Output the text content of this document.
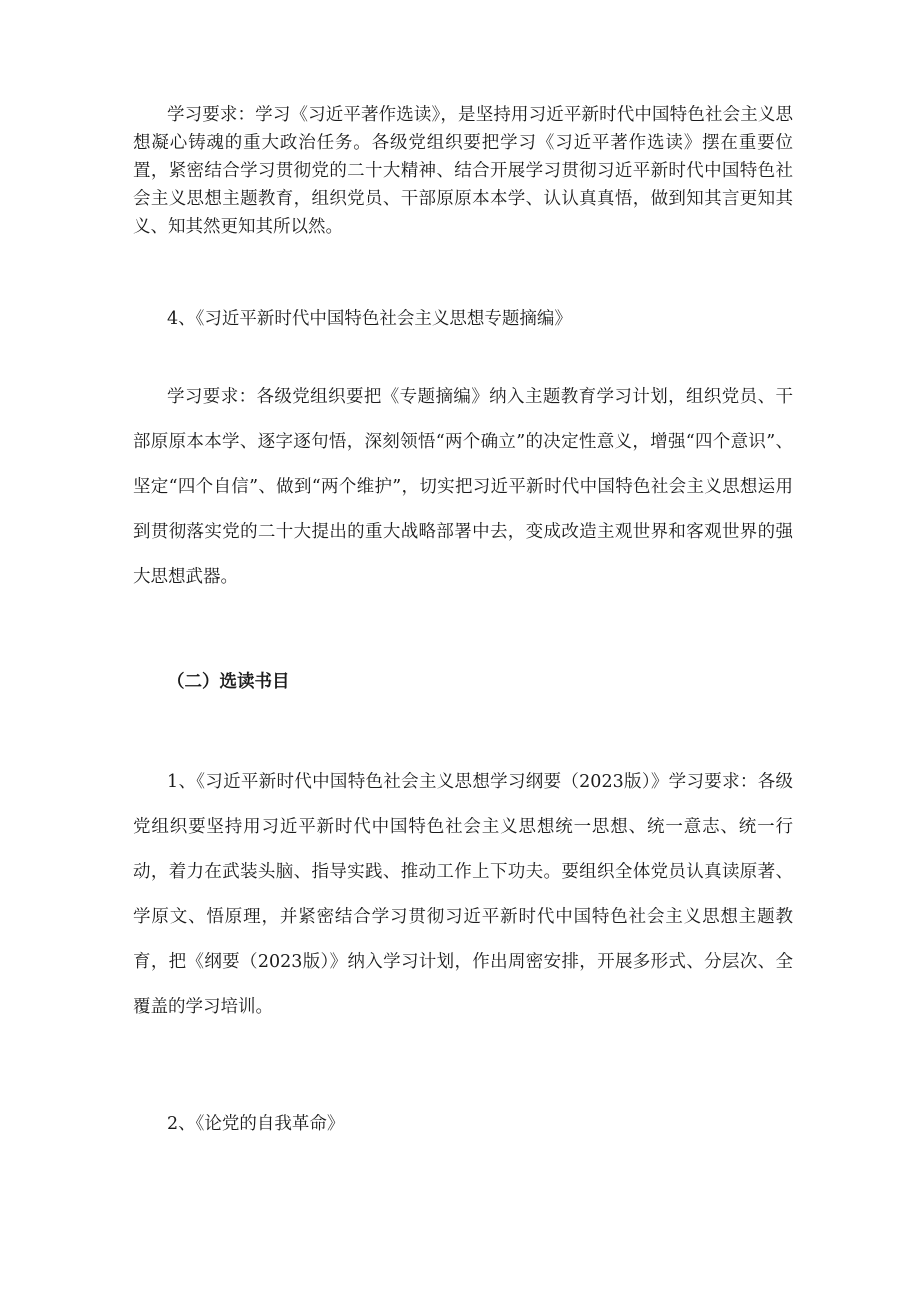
学习要求：学习《习近平著作选读》，是坚持用习近平新时代中国特色社会主义思想凝心铸魂的重大政治任务。各级党组织要把学习《习近平著作选读》摆在重要位置，紧密结合学习贯彻党的二十大精神、结合开展学习贯彻习近平新时代中国特色社会主义思想主题教育，组织党员、干部原原本本学、认认真真悟，做到知其言更知其义、知其然更知其所以然。

4、《习近平新时代中国特色社会主义思想专题摘编》

学习要求：各级党组织要把《专题摘编》纳入主题教育学习计划，组织党员、干部原原本本学、逐字逐句悟，深刻领悟“两个确立”的决定性意义，增强“四个意识”、坚定“四个自信”、做到“两个维护”，切实把习近平新时代中国特色社会主义思想运用到贯彻落实党的二十大提出的重大战略部署中去，变成改造主观世界和客观世界的强大思想武器。

（二）选读书目

1、《习近平新时代中国特色社会主义思想学习纲要（2023版）》学习要求：各级党组织要坚持用习近平新时代中国特色社会主义思想统一思想、统一意志、统一行动，着力在武装头脑、指导实践、推动工作上下功夫。要组织全体党员认真读原著、学原文、悟原理，并紧密结合学习贯彻习近平新时代中国特色社会主义思想主题教育，把《纲要（2023版）》纳入学习计划，作出周密安排，开展多形式、分层次、全覆盖的学习培训。

2、《论党的自我革命》
